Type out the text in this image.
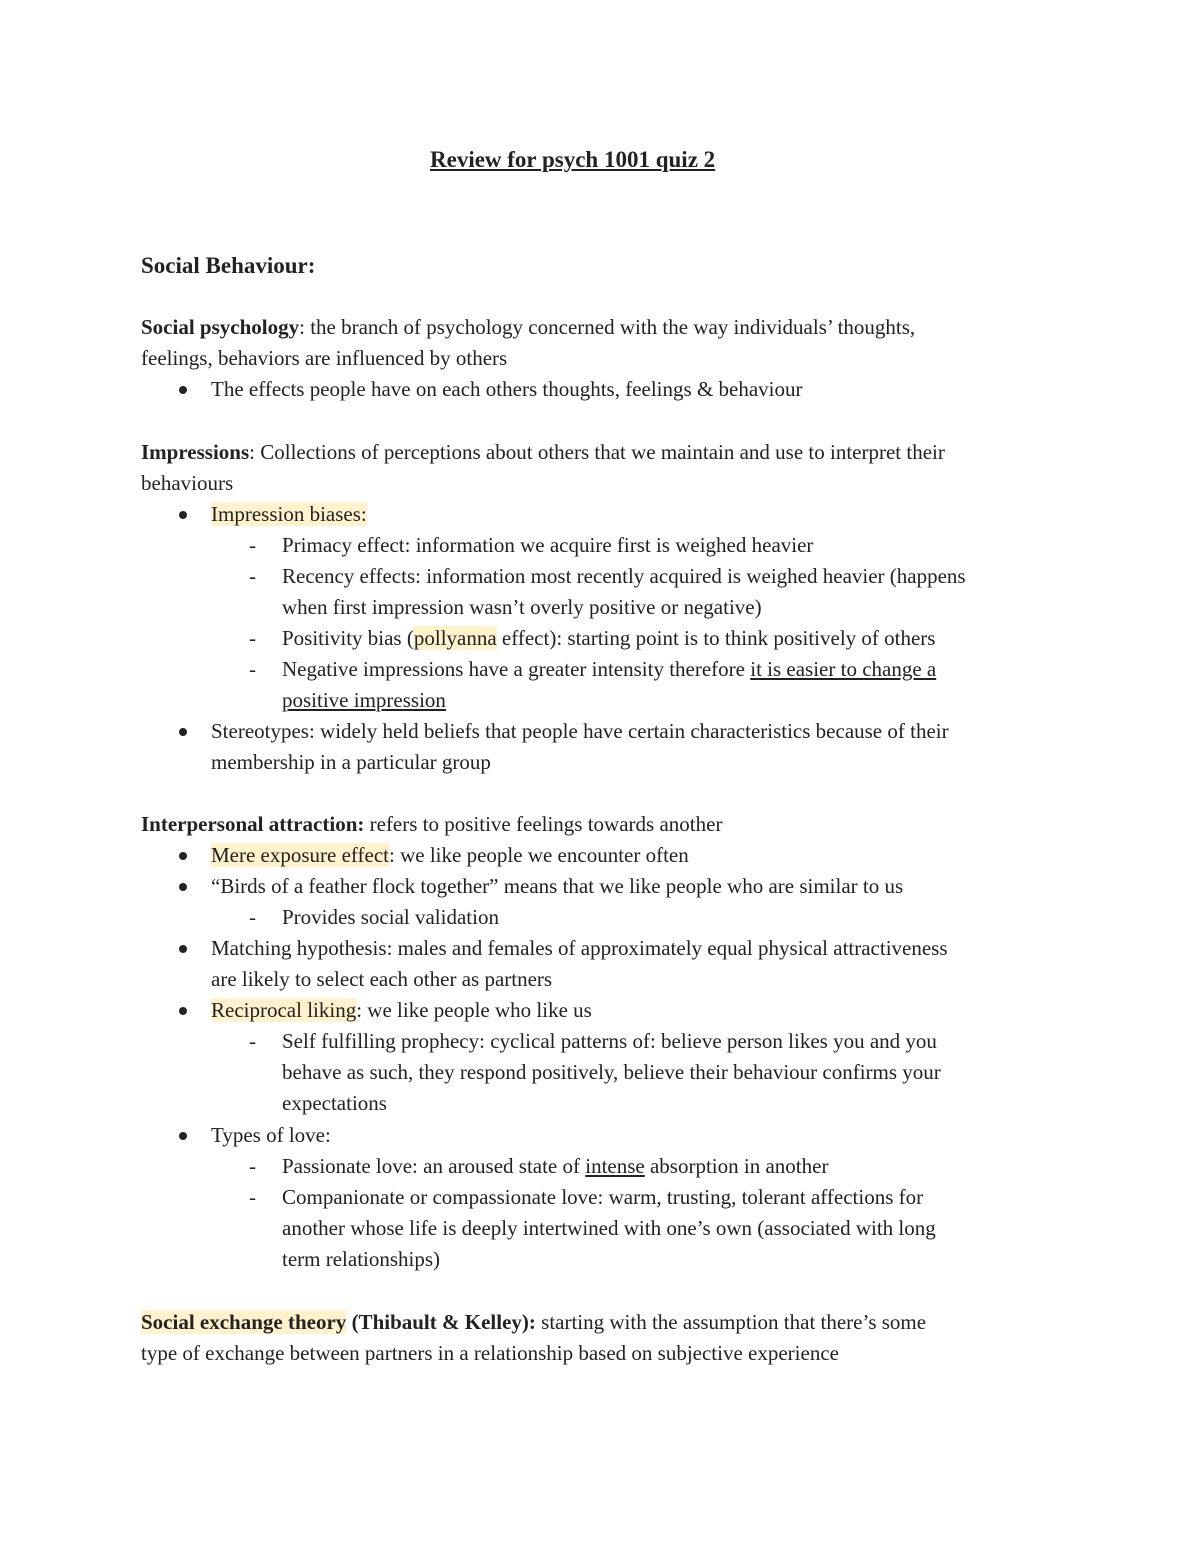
Review for psych 1001 quiz 2
Social Behaviour:
Social psychology: the branch of psychology concerned with the way individuals’ thoughts,
feelings, behaviors are influenced by others
The effects people have on each others thoughts, feelings & behaviour
Impressions: Collections of perceptions about others that we maintain and use to interpret their
behaviours
Impression biases:
- Primacy effect: information we acquire first is weighed heavier
- Recency effects: information most recently acquired is weighed heavier (happens
when first impression wasn’t overly positive or negative)
- Positivity bias (pollyanna effect): starting point is to think positively of others
- Negative impressions have a greater intensity therefore it is easier to change a
positive impression
Stereotypes: widely held beliefs that people have certain characteristics because of their
membership in a particular group
Interpersonal attraction: refers to positive feelings towards another
Mere exposure effect: we like people we encounter often
“Birds of a feather flock together” means that we like people who are similar to us
- Provides social validation
Matching hypothesis: males and females of approximately equal physical attractiveness
are likely to select each other as partners
Reciprocal liking: we like people who like us
- Self fulfilling prophecy: cyclical patterns of: believe person likes you and you
behave as such, they respond positively, believe their behaviour confirms your
expectations
Types of love:
- Passionate love: an aroused state of intense absorption in another
- Companionate or compassionate love: warm, trusting, tolerant affections for
another whose life is deeply intertwined with one’s own (associated with long
term relationships)
Social exchange theory (Thibault & Kelley): starting with the assumption that there’s some
type of exchange between partners in a relationship based on subjective experience
